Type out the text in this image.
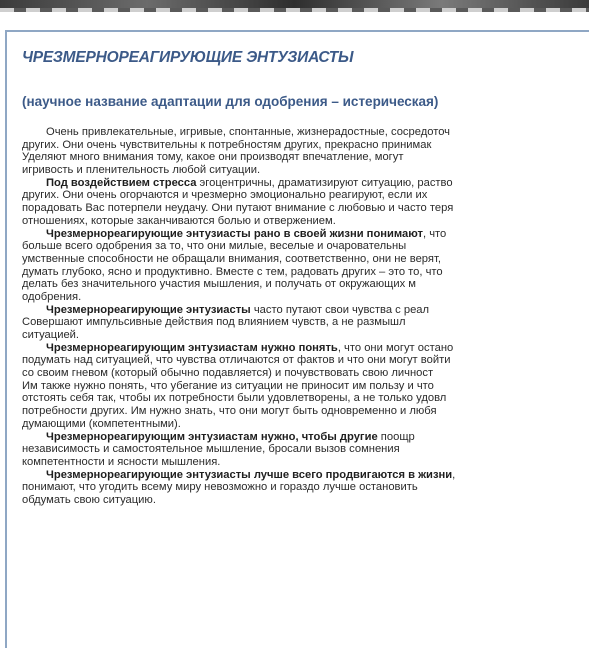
ЧРЕЗМЕРНОРЕАГИРУЮЩИЕ ЭНТУЗИАСТЫ
(научное название адаптации для одобрения – истерическая)
Очень привлекательные, игривые, спонтанные, жизнерадостные, сосредоточ
других. Они очень чувствительны к потребностям других, прекрасно принимак
Уделяют много внимания тому, какое они производят впечатление, могут
игривость и пленительность любой ситуации.
Под воздействием стресса эгоцентричны, драматизируют ситуацию, раство
других. Они очень огорчаются и чрезмерно эмоционально реагируют, если их
порадовать Вас потерпели неудачу. Они путают внимание с любовью и часто теря
отношениях, которые заканчиваются болью и отвержением.
Чрезмернореагирующие энтузиасты рано в своей жизни понимают, что
больше всего одобрения за то, что они милые, веселые и очаровательны
умственные способности не обращали внимания, соответственно, они не верят,
думать глубоко, ясно и продуктивно. Вместе с тем, радовать других – это то, что
делать без значительного участия мышления, и получать от окружающих м
одобрения.
Чрезмернореагирующие энтузиасты часто путают свои чувства с реал
Совершают импульсивные действия под влиянием чувств, а не размышл
ситуацией.
Чрезмернореагирующим энтузиастам нужно понять, что они могут остано
подумать над ситуацией, что чувства отличаются от фактов и что они могут войти
со своим гневом (который обычно подавляется) и почувствовать свою личност
Им также нужно понять, что убегание из ситуации не приносит им пользу и что
отстоять себя так, чтобы их потребности были удовлетворены, а не только удовл
потребности других. Им нужно знать, что они могут быть одновременно и любя
думающими (компетентными).
Чрезмернореагирующим энтузиастам нужно, чтобы другие поощр
независимость и самостоятельное мышление, бросали вызов сомнения
компетентности и ясности мышления.
Чрезмернореагирующие энтузиасты лучше всего продвигаются в жизни,
понимают, что угодить всему миру невозможно и гораздо лучше остановить
обдумать свою ситуацию.
